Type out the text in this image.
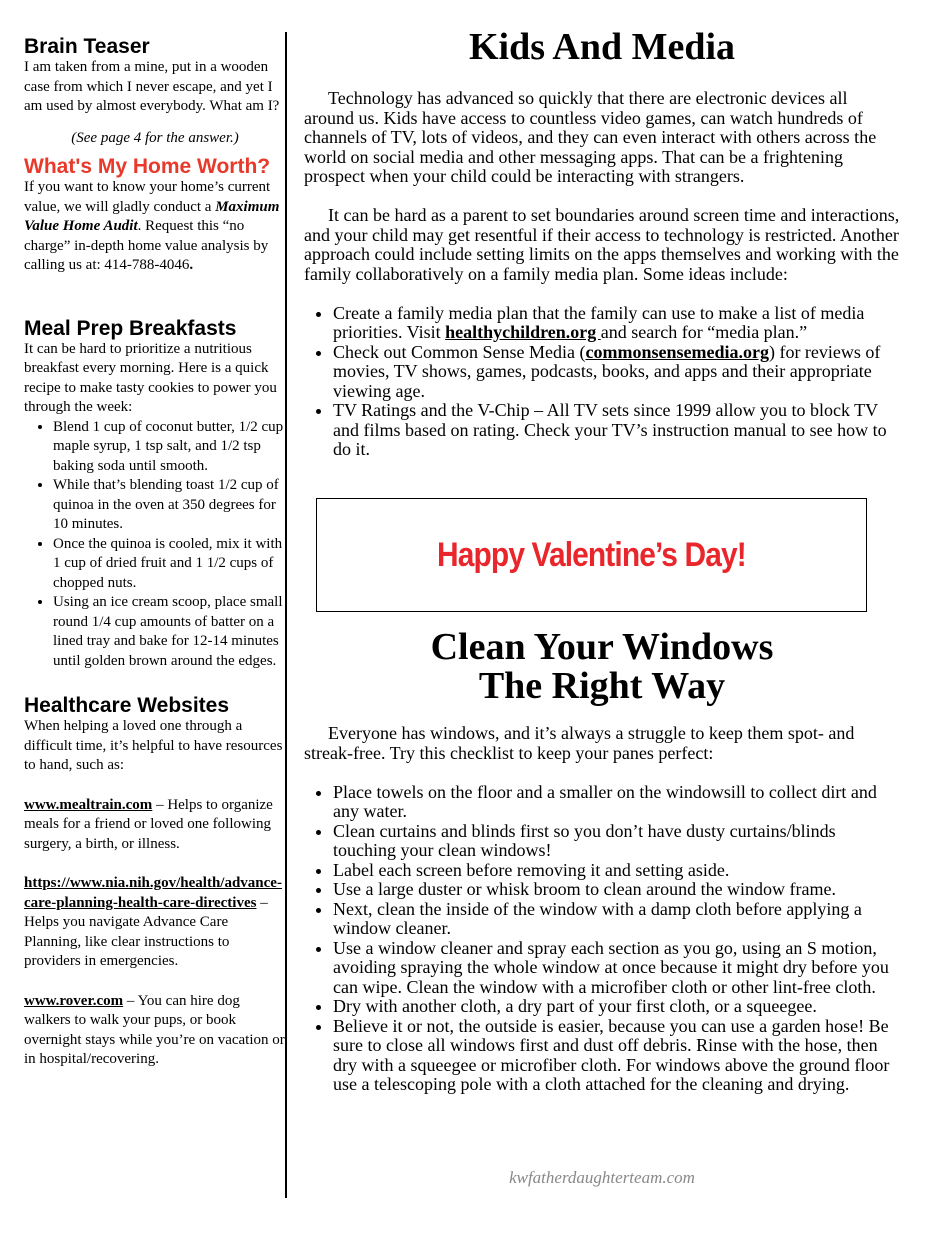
Brain Teaser

I am taken from a mine, put in a wooden case from which I never escape, and yet I am used by almost everybody. What am I?

(See page 4 for the answer.)

What's My Home Worth?

If you want to know your home’s current value, we will gladly conduct a Maximum Value Home Audit. Request this “no charge” in-depth home value analysis by calling us at: 414-788-4046.

Meal Prep Breakfasts

It can be hard to prioritize a nutritious breakfast every morning. Here is a quick recipe to make tasty cookies to power you through the week:

• Blend 1 cup of coconut butter, 1/2 cup maple syrup, 1 tsp salt, and 1/2 tsp baking soda until smooth.
• While that’s blending toast 1/2 cup of quinoa in the oven at 350 degrees for 10 minutes.
• Once the quinoa is cooled, mix it with 1 cup of dried fruit and 1 1/2 cups of chopped nuts.
• Using an ice cream scoop, place small round 1/4 cup amounts of batter on a lined tray and bake for 12-14 minutes until golden brown around the edges.
Healthcare Websites

When helping a loved one through a difficult time, it’s helpful to have resources to hand, such as:

www.mealtrain.com – Helps to organize meals for a friend or loved one following surgery, a birth, or illness.

https://www.nia.nih.gov/health/advance-care-planning-health-care-directives – Helps you navigate Advance Care Planning, like clear instructions to providers in emergencies.

www.rover.com – You can hire dog walkers to walk your pups, or book overnight stays while you’re on vacation or in hospital/recovering.

Kids And Media

Technology has advanced so quickly that there are electronic devices all around us. Kids have access to countless video games, can watch hundreds of channels of TV, lots of videos, and they can even interact with others across the world on social media and other messaging apps. That can be a frightening prospect when your child could be interacting with strangers.

It can be hard as a parent to set boundaries around screen time and interactions, and your child may get resentful if their access to technology is restricted. Another approach could include setting limits on the apps themselves and working with the family collaboratively on a family media plan. Some ideas include:

• Create a family media plan that the family can use to make a list of media priorities. Visit healthychildren.org and search for “media plan.”
• Check out Common Sense Media (commonsensemedia.org) for reviews of movies, TV shows, games, podcasts, books, and apps and their appropriate viewing age.
• TV Ratings and the V-Chip – All TV sets since 1999 allow you to block TV and films based on rating. Check your TV’s instruction manual to see how to do it.
Happy Valentine’s Day!
Clean Your Windows
The Right Way

Everyone has windows, and it’s always a struggle to keep them spot- and streak-free. Try this checklist to keep your panes perfect:

• Place towels on the floor and a smaller on the windowsill to collect dirt and any water.
• Clean curtains and blinds first so you don’t have dusty curtains/blinds touching your clean windows!
• Label each screen before removing it and setting aside.
• Use a large duster or whisk broom to clean around the window frame.
• Next, clean the inside of the window with a damp cloth before applying a window cleaner.
• Use a window cleaner and spray each section as you go, using an S motion, avoiding spraying the whole window at once because it might dry before you can wipe. Clean the window with a microfiber cloth or other lint-free cloth.
• Dry with another cloth, a dry part of your first cloth, or a squeegee.
• Believe it or not, the outside is easier, because you can use a garden hose! Be sure to close all windows first and dust off debris. Rinse with the hose, then dry with a squeegee or microfiber cloth. For windows above the ground floor use a telescoping pole with a cloth attached for the cleaning and drying.
kwfatherdaughterteam.com
